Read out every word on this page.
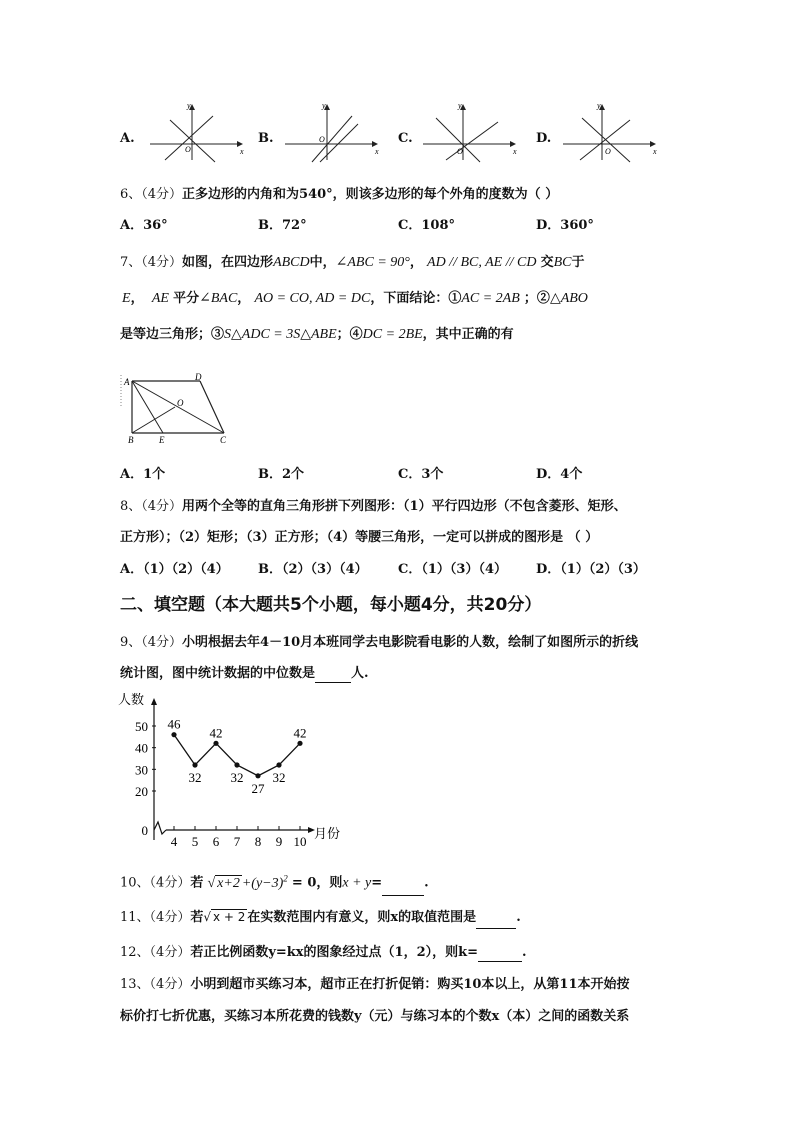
A.
x
y
O
B.
x
y
O	C.
x
y
O
D.
x
y
O
6、（4分）正多边形的内角和为540°，则该多边形的每个外角的度数为（ ）
A．36°	B．72°	C．108°	D．360°
7、（4分）如图，在四边形ABCD中，∠ABC = 90°， AD // BC, AE // CD 交BC于
E， AE 平分∠BAC， AO = CO, AD = DC，下面结论：①AC = 2AB ；②△ABO
是等边三角形；③S△ADC = 3S△ABE；④DC = 2BE，其中正确的有
A	D
O
B	E	C
A．1个	B．2个	C．3个	D．4个
8、（4分）用两个全等的直角三角形拼下列图形：（1）平行四边形（不包含菱形、矩形、
正方形）；（2）矩形；（3）正方形；（4）等腰三角形，一定可以拼成的图形是 （ ）
A．（1）（2）（4） B．（2）（3）（4） C．（1）（3）（4） D．（1）（2）（3）
二、填空题（本大题共5个小题，每小题4分，共20分）
9、（4分）小明根据去年4－10月本班同学去电影院看电影的人数，绘制了如图所示的折线
统计图，图中统计数据的中位数是	人.
46
32
42
32
27
32
42
人数
月份
0
20
30
40
50
4 5 6 7 8 9 10
10、（4分）若 √ $x+2 +(y-3)^2 = 0$，则x + y=	.
11、（4分）若√ x + 2 在实数范围内有意义，则x的取值范围是	.
12、（4分）若正比例函数y=kx的图象经过点（1，2），则k=	.
13、（4分）小明到超市买练习本，超市正在打折促销：购买10本以上，从第11本开始按
标价打七折优惠，买练习本所花费的钱数y（元）与练习本的个数x（本）之间的函数关系
